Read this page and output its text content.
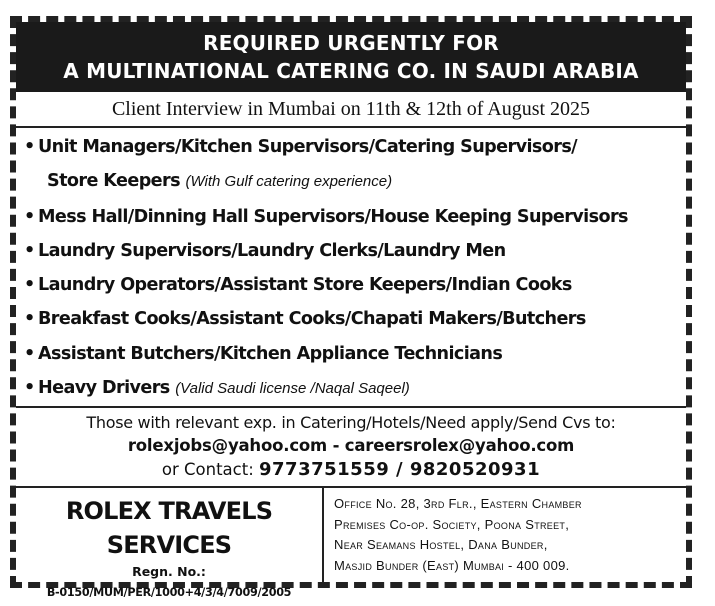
REQUIRED URGENTLY FOR
A MULTINATIONAL CATERING CO. IN SAUDI ARABIA
Client Interview in Mumbai on 11th & 12th of August 2025
• Unit Managers/Kitchen Supervisors/Catering Supervisors/
Store Keepers (With Gulf catering experience)
• Mess Hall/Dinning Hall Supervisors/House Keeping Supervisors
• Laundry Supervisors/Laundry Clerks/Laundry Men
• Laundry Operators/Assistant Store Keepers/Indian Cooks
• Breakfast Cooks/Assistant Cooks/Chapati Makers/Butchers
• Assistant Butchers/Kitchen Appliance Technicians
• Heavy Drivers (Valid Saudi license /Naqal Saqeel)
Those with relevant exp. in Catering/Hotels/Need apply/Send Cvs to:
rolexjobs@yahoo.com - careersrolex@yahoo.com
or Contact: 9773751559 / 9820520931
ROLEX TRAVELS SERVICES
Regn. No.:
B-0150/MUM/PER/1000+4/3/4/7009/2005
Office No. 28, 3rd Flr., Eastern Chamber
Premises Co-op. Society, Poona Street,
Near Seamans Hostel, Dana Bunder,
Masjid Bunder (East) Mumbai - 400 009.
